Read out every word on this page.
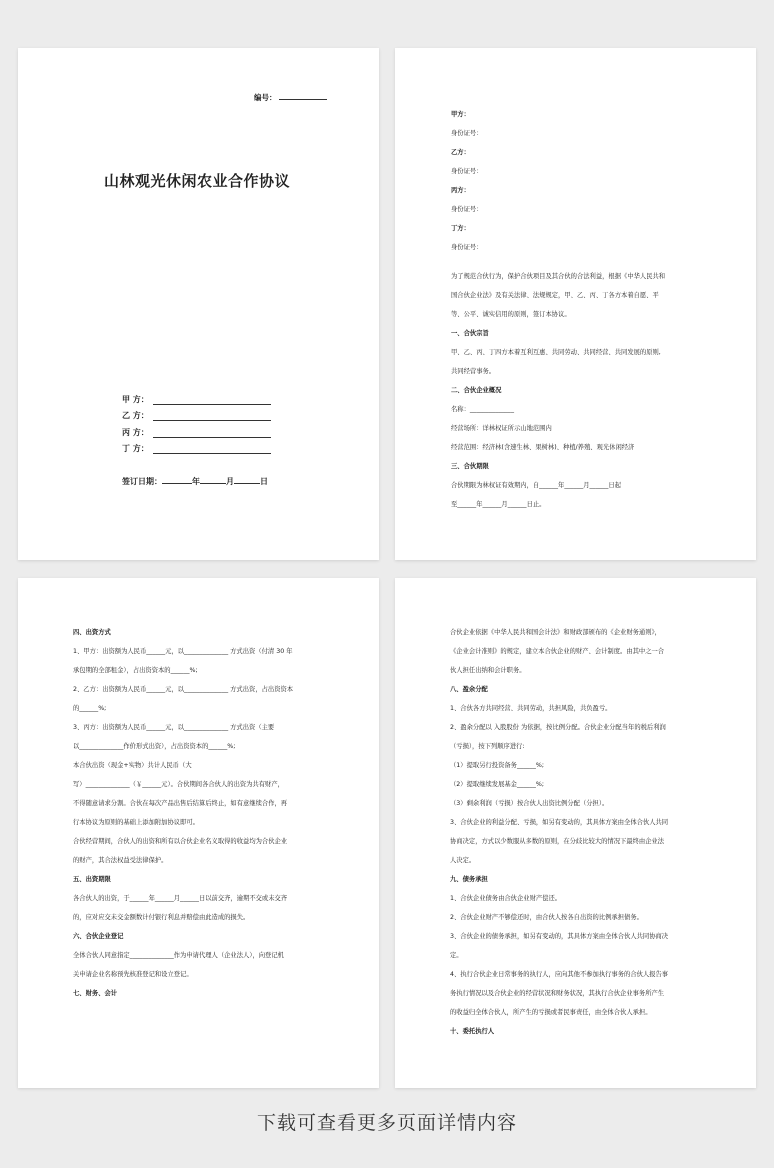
编号：
山林观光休闲农业合作协议
甲 方：
乙 方：
丙 方：
丁 方：
签订日期：	年	月	日
甲方：
身份证号：
乙方：
身份证号：
丙方：
身份证号：
丁方：
身份证号：
为了规范合伙行为，保护合伙项目及其合伙的合法利益，根据《中华人民共和
国合伙企业法》及有关法律、法规规定，甲、乙、丙、丁各方本着自愿、平
等、公平、诚实信用的原则，签订本协议。
一、合伙宗旨
甲、乙、丙、丁四方本着互利互惠、共同劳动、共同经营、共同发展的原则,
共同经营事务。
二、合伙企业概况
名称：______________
经营场所：详林权证所示山地范围内
经营范围：经济林(含速生林、果树林)、种植/养殖、观光休闲经济
三、合伙期限
合伙期限为林权证有效期内，自______年______月______日起
至______年______月______日止。
四、出资方式
1、甲方：出资额为人民币______元，以______________ 方式出资（付清 30 年
承包期的全部租金），占出资资本的______%;
2、乙方：出资额为人民币______元，以______________ 方式出资，占出资资本
的______%;
3、丙方：出资额为人民币______元，以______________ 方式出资（主要
以______________作价形式出资），占出资资本的______%;
本合伙出资（现金+实物）共计人民币（大
写）______________（￥______元）。合伙期间各合伙人的出资为共有财产，
不得随意请求分割。合伙在每次产品出售后结算后终止，如有意继续合作，再
行本协议为原则的基础上添加附加协议即可。
合伙经营期间，合伙人的出资和所有以合伙企业名义取得的收益均为合伙企业
的财产，其合法权益受法律保护。
五、出资期限
各合伙人的出资，于______年______月______日以前交齐，逾期不交或未交齐
的，应对应交未交金额数计付银行利息并赔偿由此造成的损失。
六、合伙企业登记
全体合伙人同意指定______________作为申请代理人（企业法人），向登记机
关申请企业名称预先核准登记和设立登记。
七、财务、会计
合伙企业依据《中华人民共和国会计法》和财政部颁布的《企业财务通则》，
《企业会计准则》的规定，建立本合伙企业的财产、会计制度。由其中之一合
伙人担任出纳和会计职务。
八、盈余分配
1、合伙各方共同经营、共同劳动，共担风险，共负盈亏。
2、盈余分配以 入股股份 为依据，按比例分配。合伙企业分配当年的税后利润
（亏损），按下列顺序进行:
（1）提取另行投资备务______%;
（2）提取继续发展基金______%;
（3）剩余利润（亏损）按合伙人出资比例分配（分担）。
3、合伙企业的利益分配、亏损，如另有变动的，其具体方案由全体合伙人共同
协商决定，方式以少数服从多数的原则，在分歧比较大的情况下最终由企业法
人决定。
九、债务承担
1、合伙企业债务由合伙企业财产偿还。
2、合伙企业财产不够偿还时，由合伙人按各自出资的比例承担债务。
3、合伙企业的债务承担，如另有变动的，其具体方案由全体合伙人共同协商决
定。
4、执行合伙企业日常事务的执行人，应向其他不参加执行事务的合伙人报告事
务执行情况以及合伙企业的经营状况和财务状况，其执行合伙企业事务所产生
的收益归全体合伙人，所产生的亏损或者民事责任，由全体合伙人承担。
十、委托执行人
下载可查看更多页面详情内容
